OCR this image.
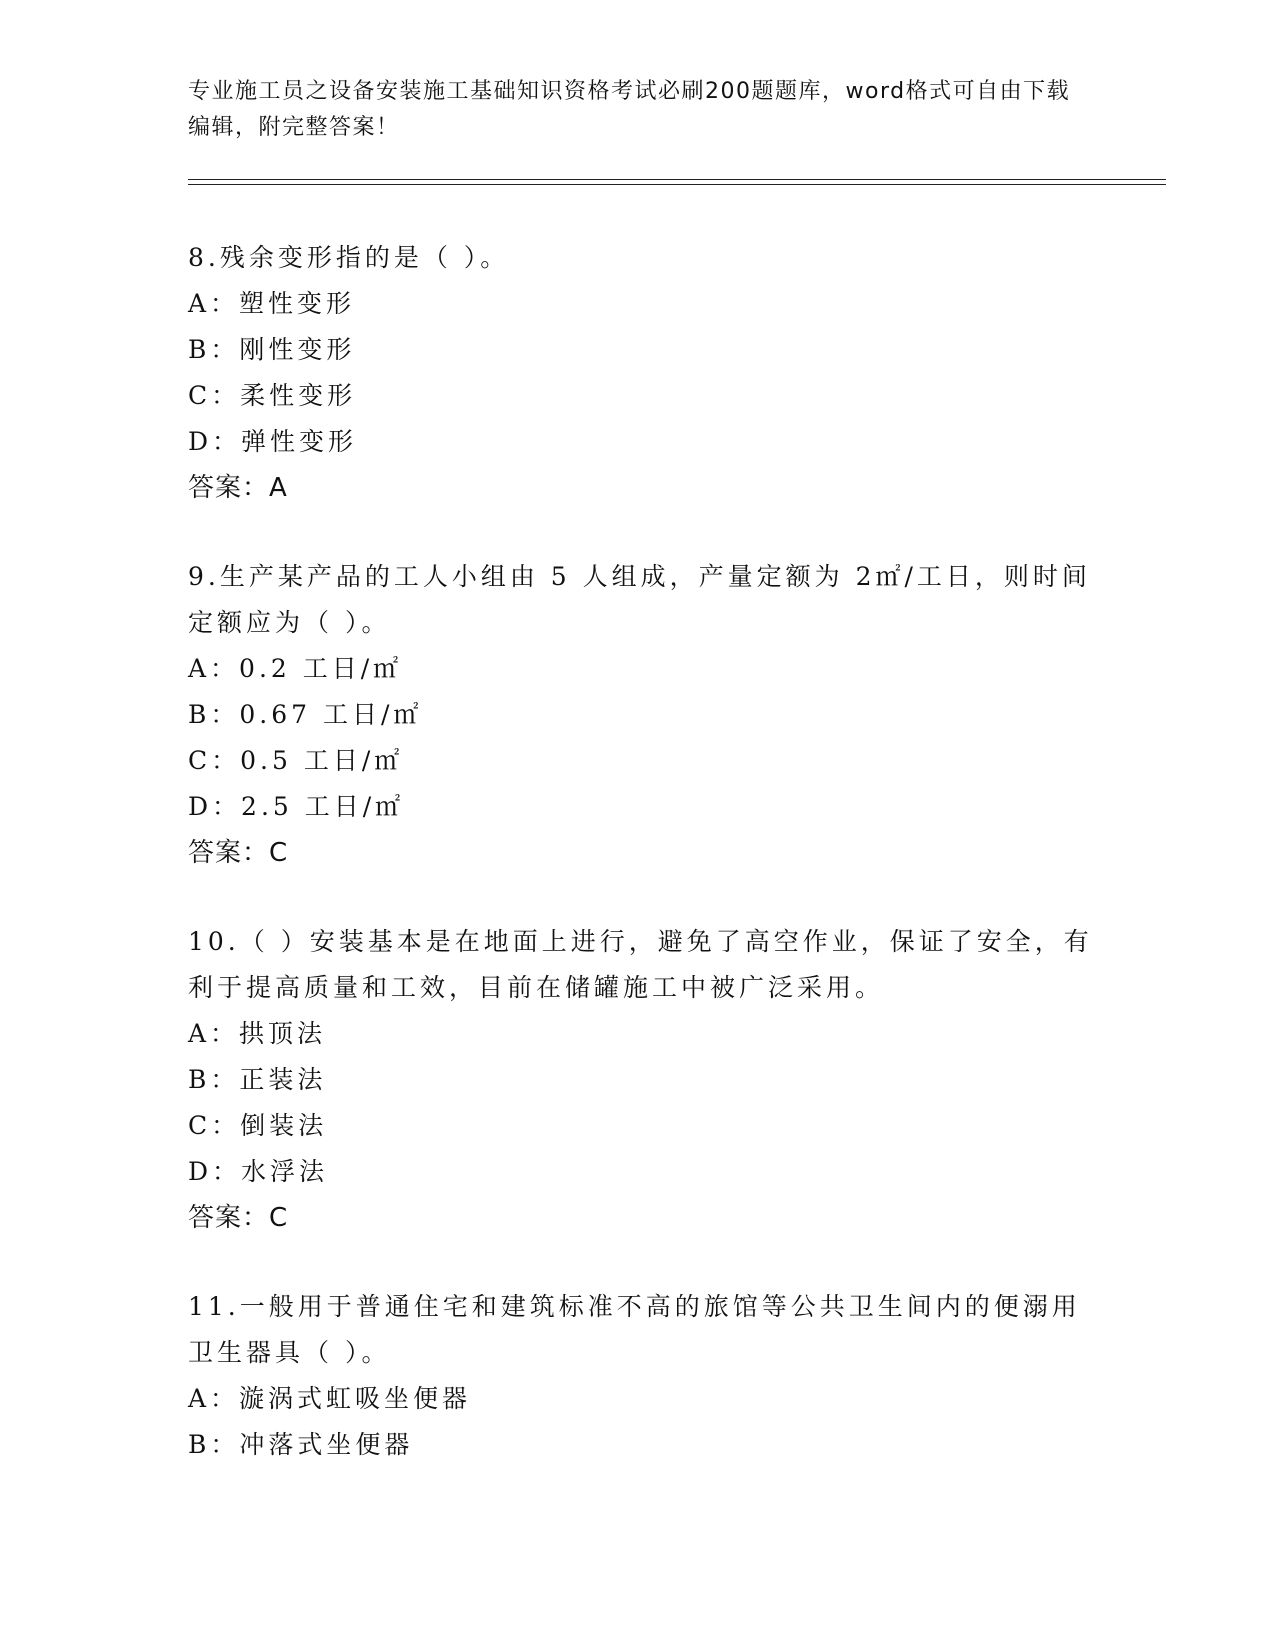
专业施工员之设备安装施工基础知识资格考试必刷200题题库，word格式可自由下载编辑，附完整答案！
8.残余变形指的是（ ）。
A：塑性变形
B：刚性变形
C：柔性变形
D：弹性变形
答案：A
9.生产某产品的工人小组由 5 人组成，产量定额为 2㎡/工日，则时间定额应为（ ）。
A：0.2 工日/㎡
B：0.67 工日/㎡
C：0.5 工日/㎡
D：2.5 工日/㎡
答案：C
10.（ ）安装基本是在地面上进行，避免了高空作业，保证了安全，有利于提高质量和工效，目前在储罐施工中被广泛采用。
A：拱顶法
B：正装法
C：倒装法
D：水浮法
答案：C
11.一般用于普通住宅和建筑标准不高的旅馆等公共卫生间内的便溺用卫生器具（ ）。
A：漩涡式虹吸坐便器
B：冲落式坐便器
